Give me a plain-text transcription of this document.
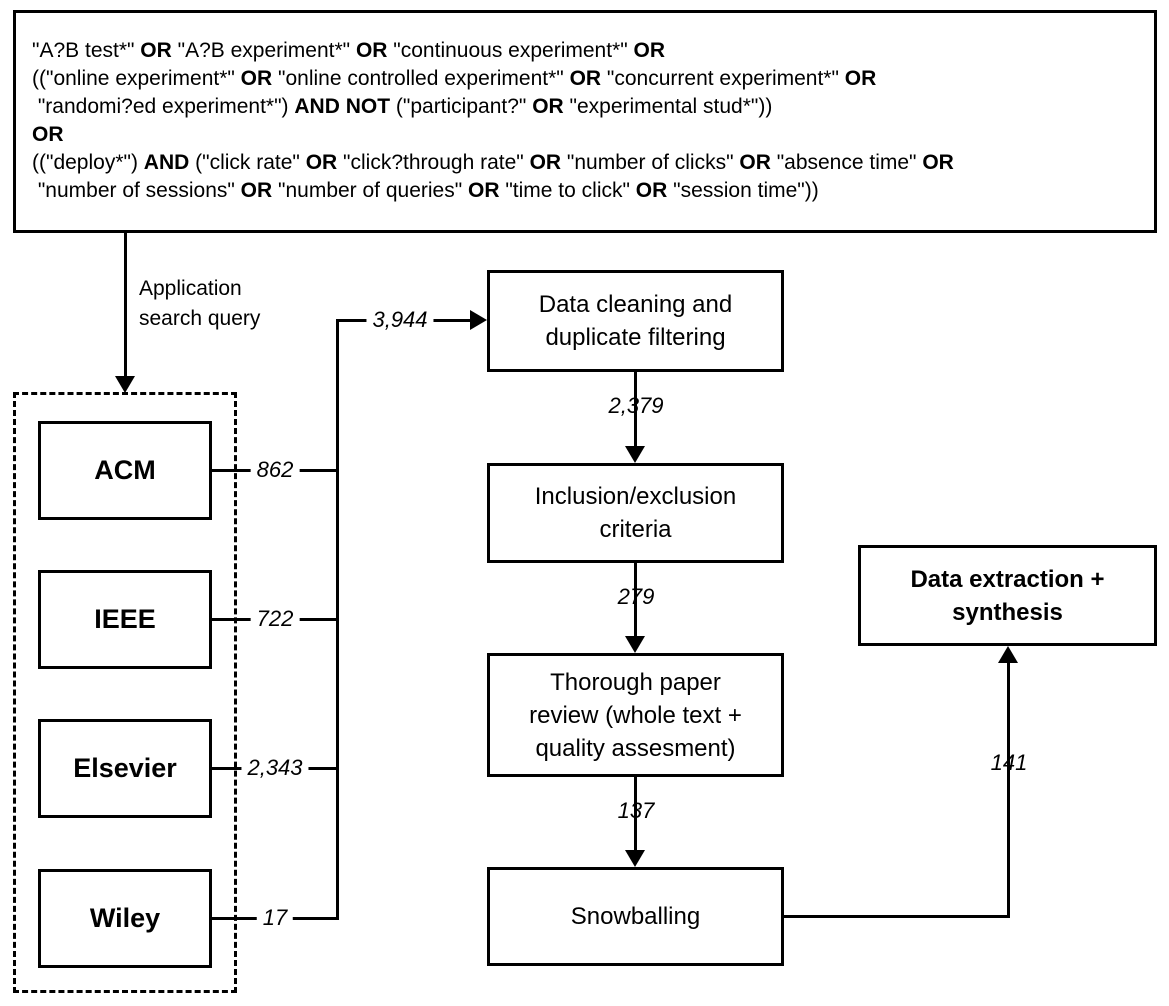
"A?B test*" OR "A?B experiment*" OR "continuous experiment*" OR
(("online experiment*" OR "online controlled experiment*" OR "concurrent experiment*" OR
"randomi?ed experiment*") AND NOT ("participant?" OR "experimental stud*"))
OR
(("deploy*") AND ("click rate" OR "click?through rate" OR "number of clicks" OR "absence time" OR
"number of sessions" OR "number of queries" OR "time to click" OR "session time"))
Application
search query
ACM
IEEE
Elsevier
Wiley
862
722
2,343
17
3,944
Data cleaning and
duplicate filtering
Inclusion/exclusion
criteria
Thorough paper
review (whole text +
quality assesment)
Snowballing
2,379
279
137
Data extraction +
synthesis
141
